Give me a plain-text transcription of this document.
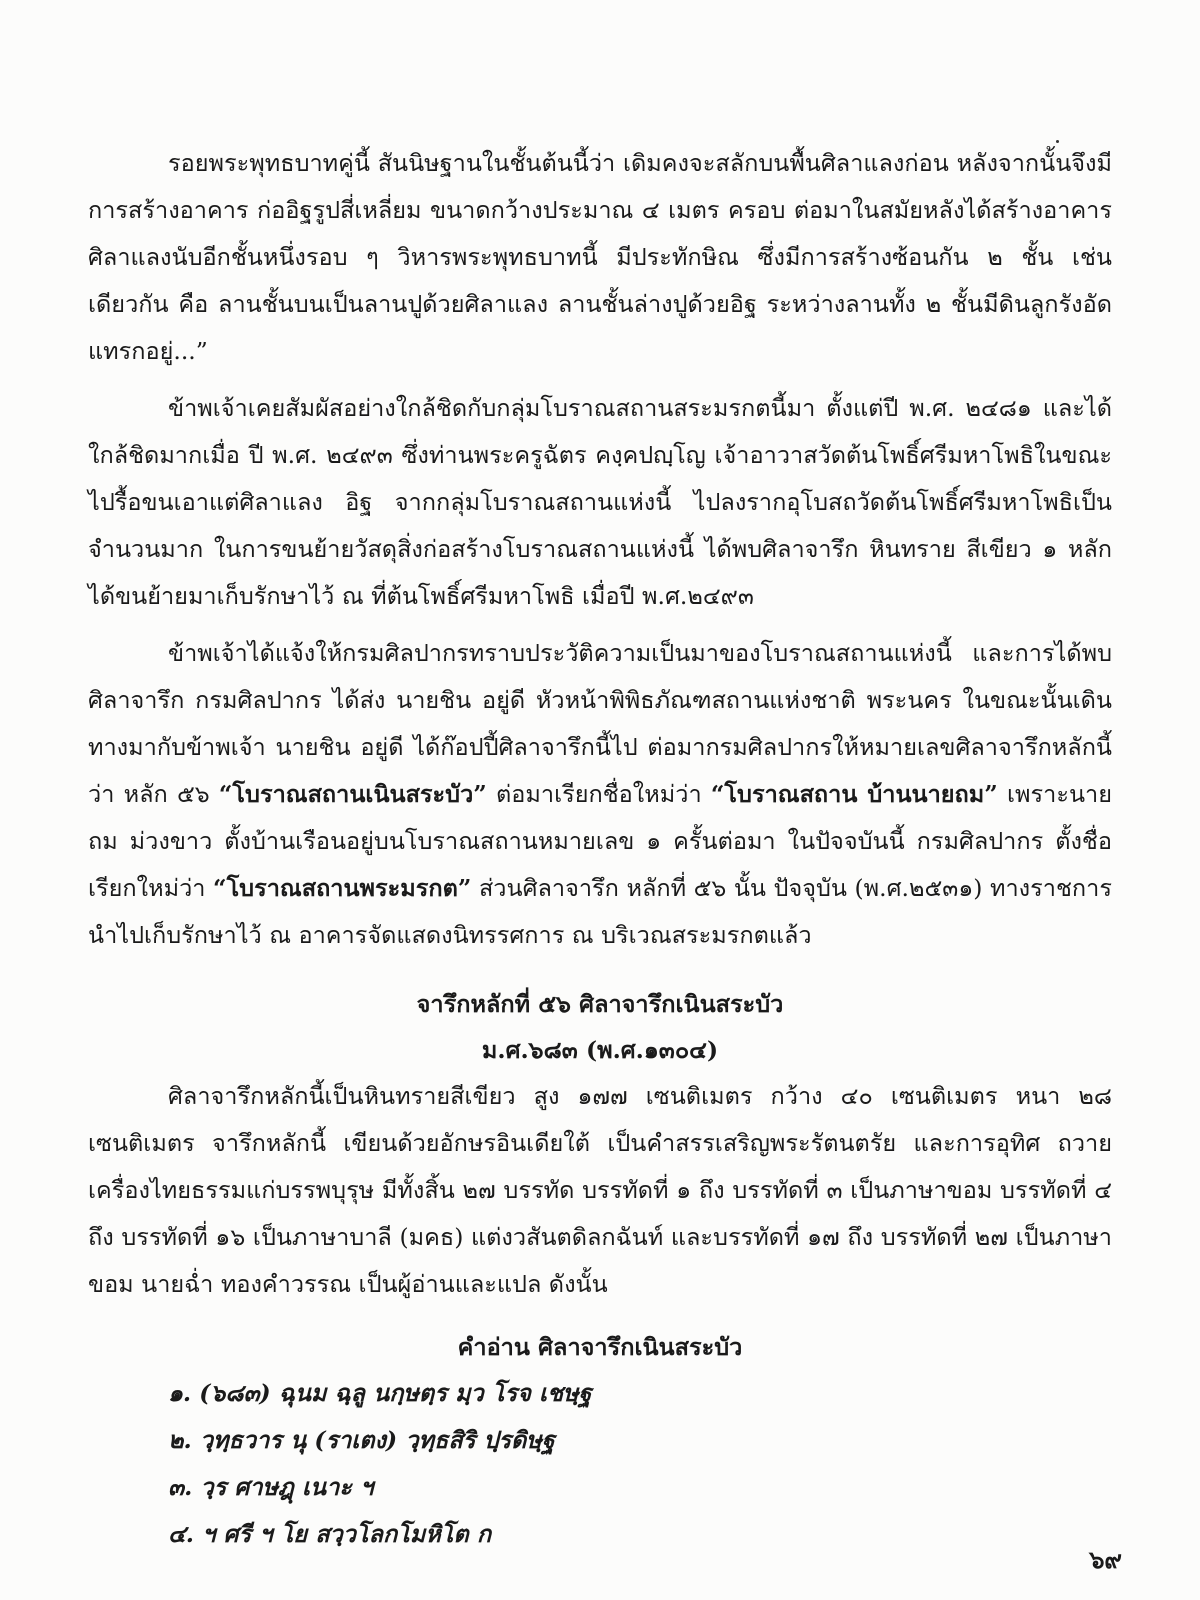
รอยพระพุทธบาทคู่นี้ สันนิษฐานในชั้นต้นนี้ว่า เดิมคงจะสลักบนพื้นศิลาแลงก่อน หลังจากนั้นจึงมีการสร้างอาคาร ก่ออิฐรูปสี่เหลี่ยม ขนาดกว้างประมาณ ๔ เมตร ครอบ ต่อมาในสมัยหลังได้สร้างอาคารศิลาแลงนับอีกชั้นหนึ่งรอบ ๆ วิหารพระพุทธบาทนี้ มีประทักษิณ ซึ่งมีการสร้างซ้อนกัน ๒ ชั้น เช่นเดียวกัน คือ ลานชั้นบนเป็นลานปูด้วยศิลาแลง ลานชั้นล่างปูด้วยอิฐ ระหว่างลานทั้ง ๒ ชั้นมีดินลูกรังอัดแทรกอยู่...”

ข้าพเจ้าเคยสัมผัสอย่างใกล้ชิดกับกลุ่มโบราณสถานสระมรกตนี้มา ตั้งแต่ปี พ.ศ. ๒๔๘๑ และได้ใกล้ชิดมากเมื่อ ปี พ.ศ. ๒๔๙๓ ซึ่งท่านพระครูฉัตร คงฺคปญฺโญ เจ้าอาวาสวัดต้นโพธิ์ศรีมหาโพธิในขณะไปรื้อขนเอาแต่ศิลาแลง อิฐ จากกลุ่มโบราณสถานแห่งนี้ ไปลงรากอุโบสถวัดต้นโพธิ์ศรีมหาโพธิเป็นจำนวนมาก ในการขนย้ายวัสดุสิ่งก่อสร้างโบราณสถานแห่งนี้ ได้พบศิลาจารึก หินทราย สีเขียว ๑ หลัก ได้ขนย้ายมาเก็บรักษาไว้ ณ ที่ต้นโพธิ์ศรีมหาโพธิ เมื่อปี พ.ศ.๒๔๙๓

ข้าพเจ้าได้แจ้งให้กรมศิลปากรทราบประวัติความเป็นมาของโบราณสถานแห่งนี้ และการได้พบศิลาจารึก กรมศิลปากร ได้ส่ง นายชิน อยู่ดี หัวหน้าพิพิธภัณฑสถานแห่งชาติ พระนคร ในขณะนั้นเดินทางมากับข้าพเจ้า นายชิน อยู่ดี ได้ก๊อปปี้ศิลาจารึกนี้ไป ต่อมากรมศิลปากรให้หมายเลขศิลาจารึกหลักนี้ว่า หลัก ๕๖ “โบราณสถานเนินสระบัว” ต่อมาเรียกชื่อใหม่ว่า “โบราณสถาน บ้านนายถม” เพราะนายถม ม่วงขาว ตั้งบ้านเรือนอยู่บนโบราณสถานหมายเลข ๑ ครั้นต่อมา ในปัจจบันนี้ กรมศิลปากร ตั้งชื่อเรียกใหม่ว่า “โบราณสถานพระมรกต” ส่วนศิลาจารึก หลักที่ ๕๖ นั้น ปัจจุบัน (พ.ศ.๒๕๓๑) ทางราชการนำไปเก็บรักษาไว้ ณ อาคารจัดแสดงนิทรรศการ ณ บริเวณสระมรกตแล้ว

จารึกหลักที่ ๕๖ ศิลาจารึกเนินสระบัว
ม.ศ.๖๘๓ (พ.ศ.๑๓๐๔)

ศิลาจารึกหลักนี้เป็นหินทรายสีเขียว สูง ๑๗๗ เซนติเมตร กว้าง ๔๐ เซนติเมตร หนา ๒๘ เซนติเมตร จารึกหลักนี้ เขียนด้วยอักษรอินเดียใต้ เป็นคำสรรเสริญพระรัตนตรัย และการอุทิศ ถวายเครื่องไทยธรรมแก่บรรพบุรุษ มีทั้งสิ้น ๒๗ บรรทัด บรรทัดที่ ๑ ถึง บรรทัดที่ ๓ เป็นภาษาขอม บรรทัดที่ ๔ ถึง บรรทัดที่ ๑๖ เป็นภาษาบาลี (มคธ) แต่งวสันตดิลกฉันท์ และบรรทัดที่ ๑๗ ถึง บรรทัดที่ ๒๗ เป็นภาษาขอม นายฉ่ำ ทองคำวรรณ เป็นผู้อ่านและแปล ดังนั้น

คำอ่าน ศิลาจารึกเนินสระบัว
๑. (๖๘๓) ฉุนม ฉฺลู นกฺษตฺร มฺว โรจ เชษฺฐ
๒. วฺทฺธวาร นุ (ราเตง) วฺทฺธสิริ ปฺรดิษฺฐ
๓. วฺร ศาษฎฺ เนาะ ฯ
๔. ฯ ศรี ฯ โย สวฺวโลกโมหิโต ก
๖๙
